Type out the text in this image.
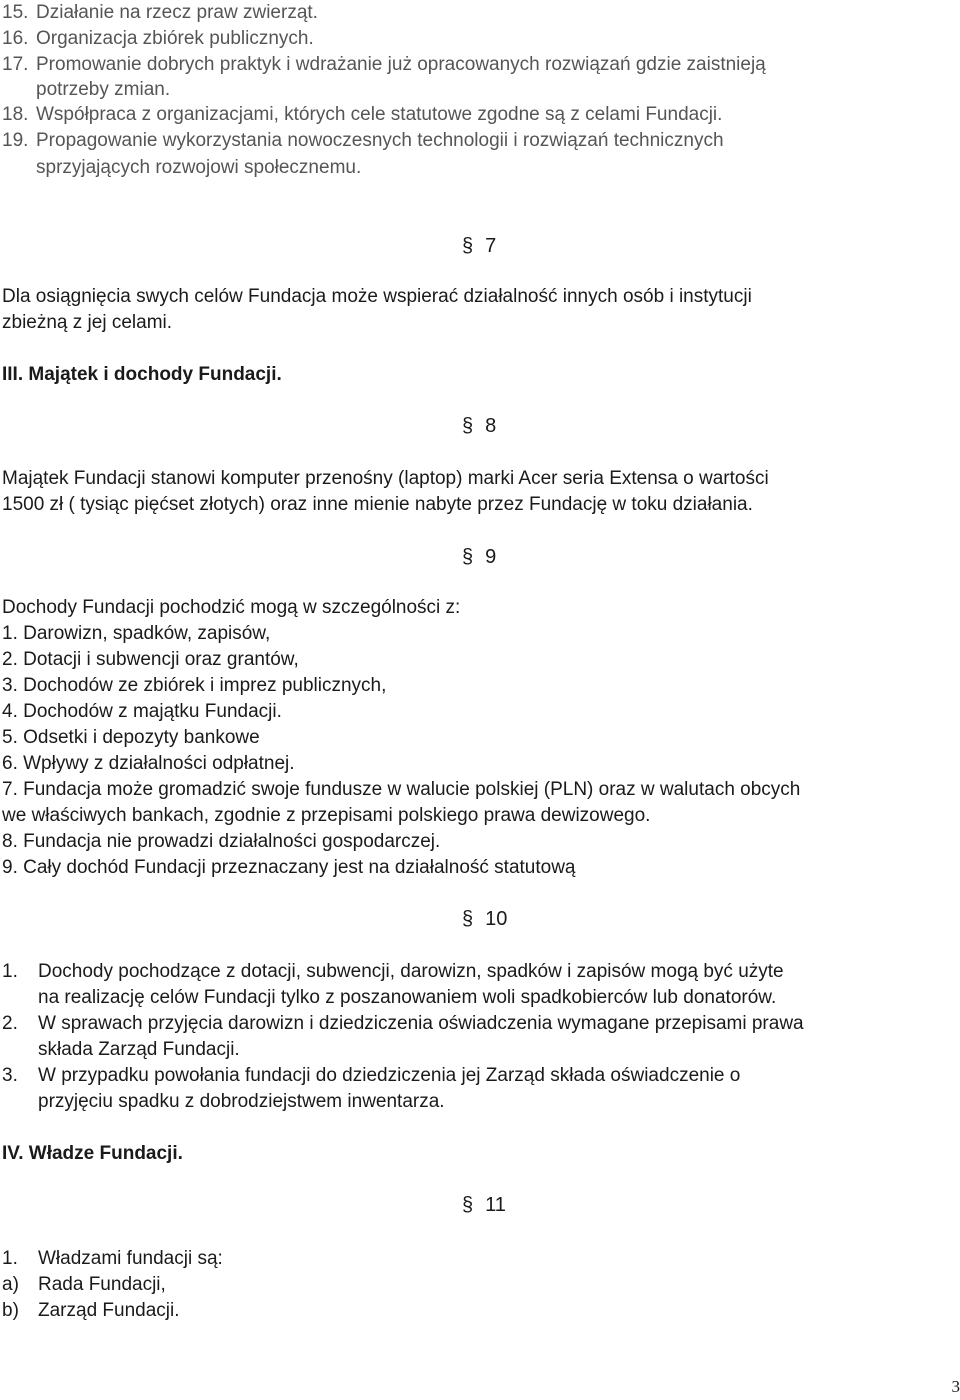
15. Działanie na rzecz praw zwierząt.
16. Organizacja zbiórek publicznych.
17. Promowanie dobrych praktyk i wdrażanie już opracowanych rozwiązań gdzie zaistnieją
potrzeby zmian.
18. Współpraca z organizacjami, których cele statutowe zgodne są z celami Fundacji.
19. Propagowanie wykorzystania nowoczesnych technologii i rozwiązań technicznych
sprzyjających rozwojowi społecznemu.
§ 7
Dla osiągnięcia swych celów Fundacja może wspierać działalność innych osób i instytucji
zbieżną z jej celami.
III. Majątek i dochody Fundacji.
§ 8
Majątek Fundacji stanowi komputer przenośny (laptop) marki Acer seria Extensa o wartości
1500 zł ( tysiąc pięćset złotych) oraz inne mienie nabyte przez Fundację w toku działania.
§ 9
Dochody Fundacji pochodzić mogą w szczególności z:
1. Darowizn, spadków, zapisów,
2. Dotacji i subwencji oraz grantów,
3. Dochodów ze zbiórek i imprez publicznych,
4. Dochodów z majątku Fundacji.
5. Odsetki i depozyty bankowe
6. Wpływy z działalności odpłatnej.
7. Fundacja może gromadzić swoje fundusze w walucie polskiej (PLN) oraz w walutach obcych
we właściwych bankach, zgodnie z przepisami polskiego prawa dewizowego.
8. Fundacja nie prowadzi działalności gospodarczej.
9. Cały dochód Fundacji przeznaczany jest na działalność statutową
§ 10
1. Dochody pochodzące z dotacji, subwencji, darowizn, spadków i zapisów mogą być użyte
na realizację celów Fundacji tylko z poszanowaniem woli spadkobierców lub donatorów.
2. W sprawach przyjęcia darowizn i dziedziczenia oświadczenia wymagane przepisami prawa
składa Zarząd Fundacji.
3. W przypadku powołania fundacji do dziedziczenia jej Zarząd składa oświadczenie o
przyjęciu spadku z dobrodziejstwem inwentarza.
IV. Władze Fundacji.
§ 11
1. Władzami fundacji są:
a) Rada Fundacji,
b) Zarząd Fundacji.
3
